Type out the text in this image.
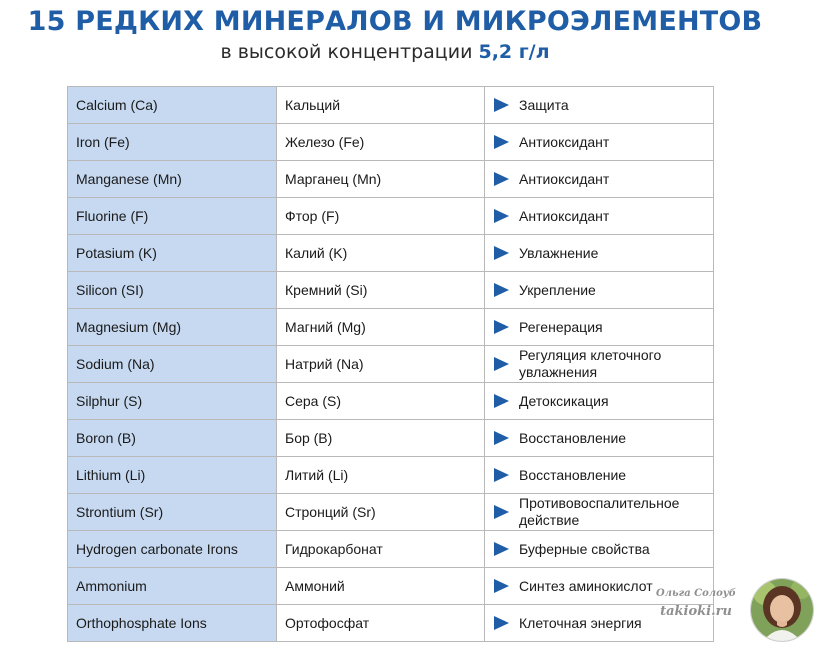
15 РЕДКИХ МИНЕРАЛОВ И МИКРОЭЛЕМЕНТОВ
в высокой концентрации 5,2 г/л
Calcium (Ca)	Кальций	Защита

Iron (Fe)	Железо (Fe)	Антиоксидант

Manganese (Mn)	Марганец (Mn)	Антиоксидант

Fluorine (F)	Фтор (F)	Антиоксидант

Potasium (K)	Калий (K)	Увлажнение

Silicon (SI)	Кремний (Si)	Укрепление

Magnesium (Mg)	Магний (Mg)	Регенерация

Sodium (Na)	Натрий (Na)	Регуляция клеточного увлажнения

Silphur (S)	Сера (S)	Детоксикация

Boron (B)	Бор (B)	Восстановление

Lithium (Li)	Литий (Li)	Восстановление

Strontium (Sr)	Стронций (Sr)	Противовоспалительное действие

Hydrogen carbonate Irons	Гидрокарбонат	Буферные свойства

Ammonium	Аммоний	Синтез аминокислот

Orthophosphate Ions	Ортофосфат	Клеточная энергия
Ольга Солоуб
takioki.ru
